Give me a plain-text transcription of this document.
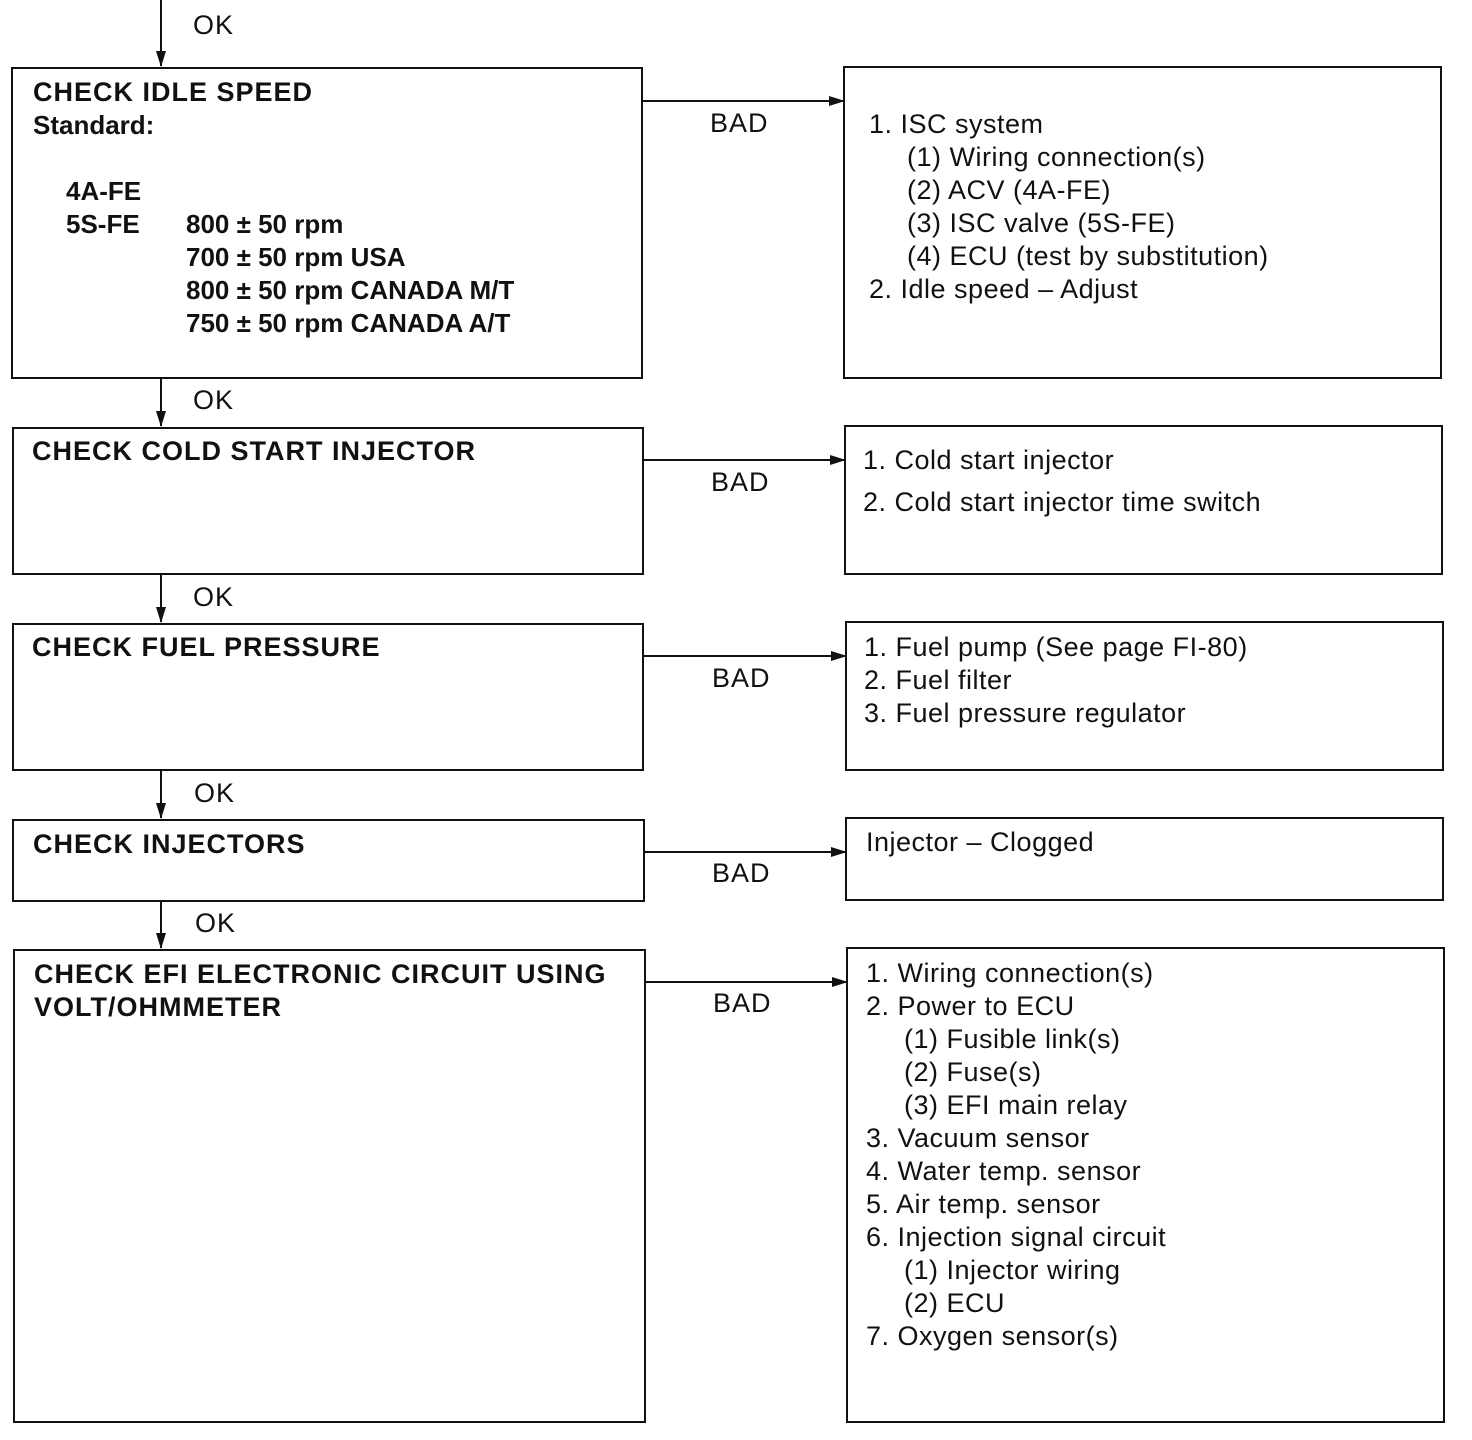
OK
OK
OK
OK
OK
BAD
BAD
BAD
BAD
BAD
CHECK IDLE SPEED
Standard:

4A-FE

800 ± 50 rpm

5S-FE

700 ± 50 rpm USA

800 ± 50 rpm CANADA M/T

750 ± 50 rpm CANADA A/T

1. ISC system
(1) Wiring connection(s)
(2) ACV (4A-FE)
(3) ISC valve (5S-FE)
(4) ECU (test by substitution)
2. Idle speed – Adjust
CHECK COLD START INJECTOR	1. Cold start injector
2. Cold start injector time switch
CHECK FUEL PRESSURE	1. Fuel pump (See page FI-80)
2. Fuel filter
3. Fuel pressure regulator
CHECK INJECTORS	Injector – Clogged
CHECK EFI ELECTRONIC CIRCUIT USING
VOLT/OHMMETER
1. Wiring connection(s)
2. Power to ECU
(1) Fusible link(s)
(2) Fuse(s)
(3) EFI main relay
3. Vacuum sensor
4. Water temp. sensor
5. Air temp. sensor
6. Injection signal circuit
(1) Injector wiring
(2) ECU
7. Oxygen sensor(s)
